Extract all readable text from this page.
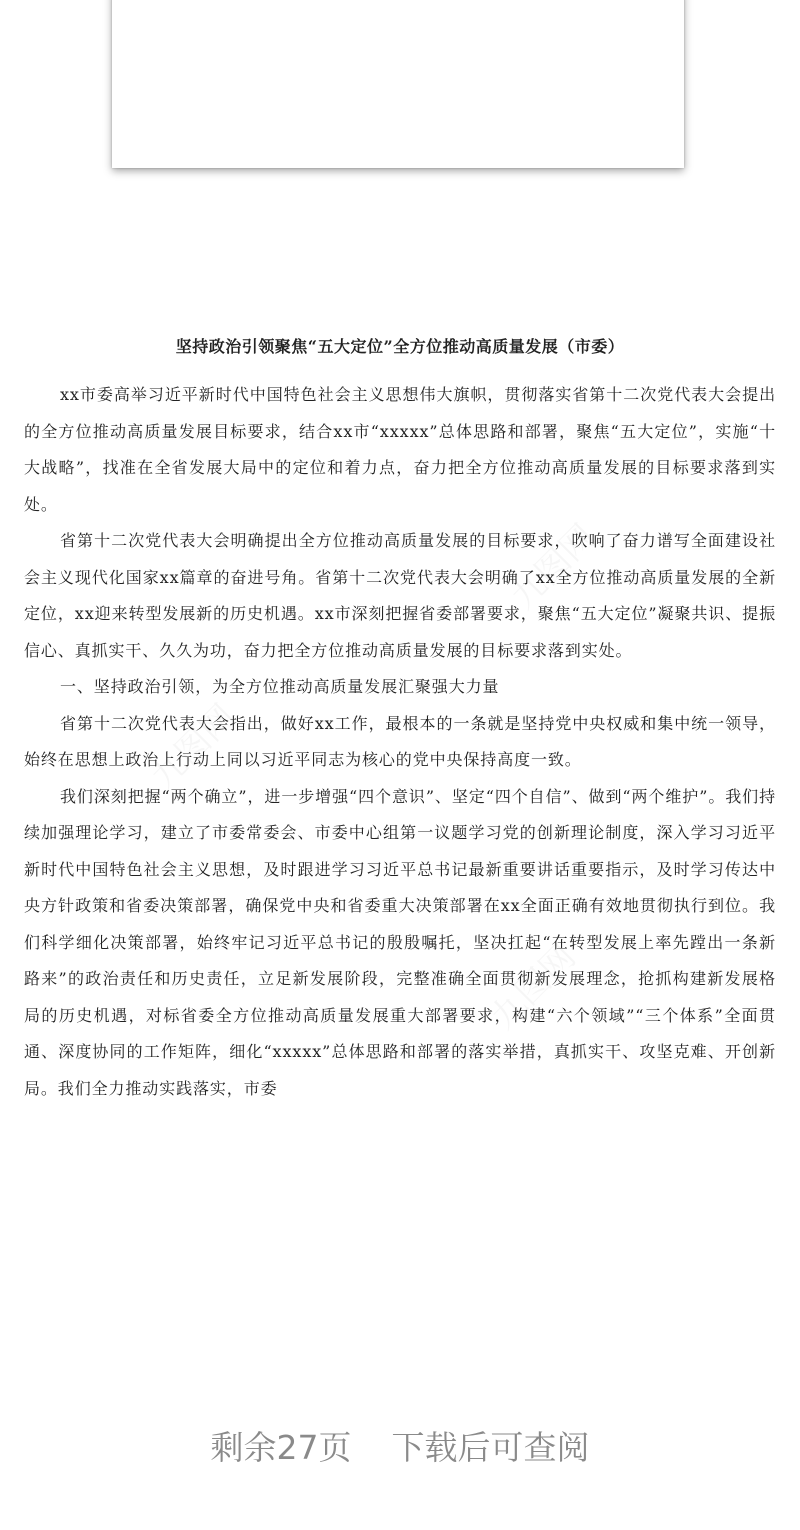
坚持政治引领聚焦“五大定位”全方位推动高质量发展（市委）

xx市委高举习近平新时代中国特色社会主义思想伟大旗帜，贯彻落实省第十二次党代表大会提出的全方位推动高质量发展目标要求，结合xx市“xxxxx”总体思路和部署，聚焦“五大定位”，实施“十大战略”，找准在全省发展大局中的定位和着力点，奋力把全方位推动高质量发展的目标要求落到实处。

省第十二次党代表大会明确提出全方位推动高质量发展的目标要求，吹响了奋力谱写全面建设社会主义现代化国家xx篇章的奋进号角。省第十二次党代表大会明确了xx全方位推动高质量发展的全新定位，xx迎来转型发展新的历史机遇。xx市深刻把握省委部署要求，聚焦“五大定位”凝聚共识、提振信心、真抓实干、久久为功，奋力把全方位推动高质量发展的目标要求落到实处。

一、坚持政治引领，为全方位推动高质量发展汇聚强大力量

省第十二次党代表大会指出，做好xx工作，最根本的一条就是坚持党中央权威和集中统一领导，始终在思想上政治上行动上同以习近平同志为核心的党中央保持高度一致。

我们深刻把握“两个确立”，进一步增强“四个意识”、坚定“四个自信”、做到“两个维护”。我们持续加强理论学习，建立了市委常委会、市委中心组第一议题学习党的创新理论制度，深入学习习近平新时代中国特色社会主义思想，及时跟进学习习近平总书记最新重要讲话重要指示，及时学习传达中央方针政策和省委决策部署，确保党中央和省委重大决策部署在xx全面正确有效地贯彻执行到位。我们科学细化决策部署，始终牢记习近平总书记的殷殷嘱托，坚决扛起“在转型发展上率先蹚出一条新路来”的政治责任和历史责任，立足新发展阶段，完整准确全面贯彻新发展理念，抢抓构建新发展格局的历史机遇，对标省委全方位推动高质量发展重大部署要求，构建“六个领域”“三个体系”全面贯通、深度协同的工作矩阵，细化“xxxxx”总体思路和部署的落实举措，真抓实干、攻坚克难、开创新局。我们全力推动实践落实，市委

剩余27页 下载后可查阅
